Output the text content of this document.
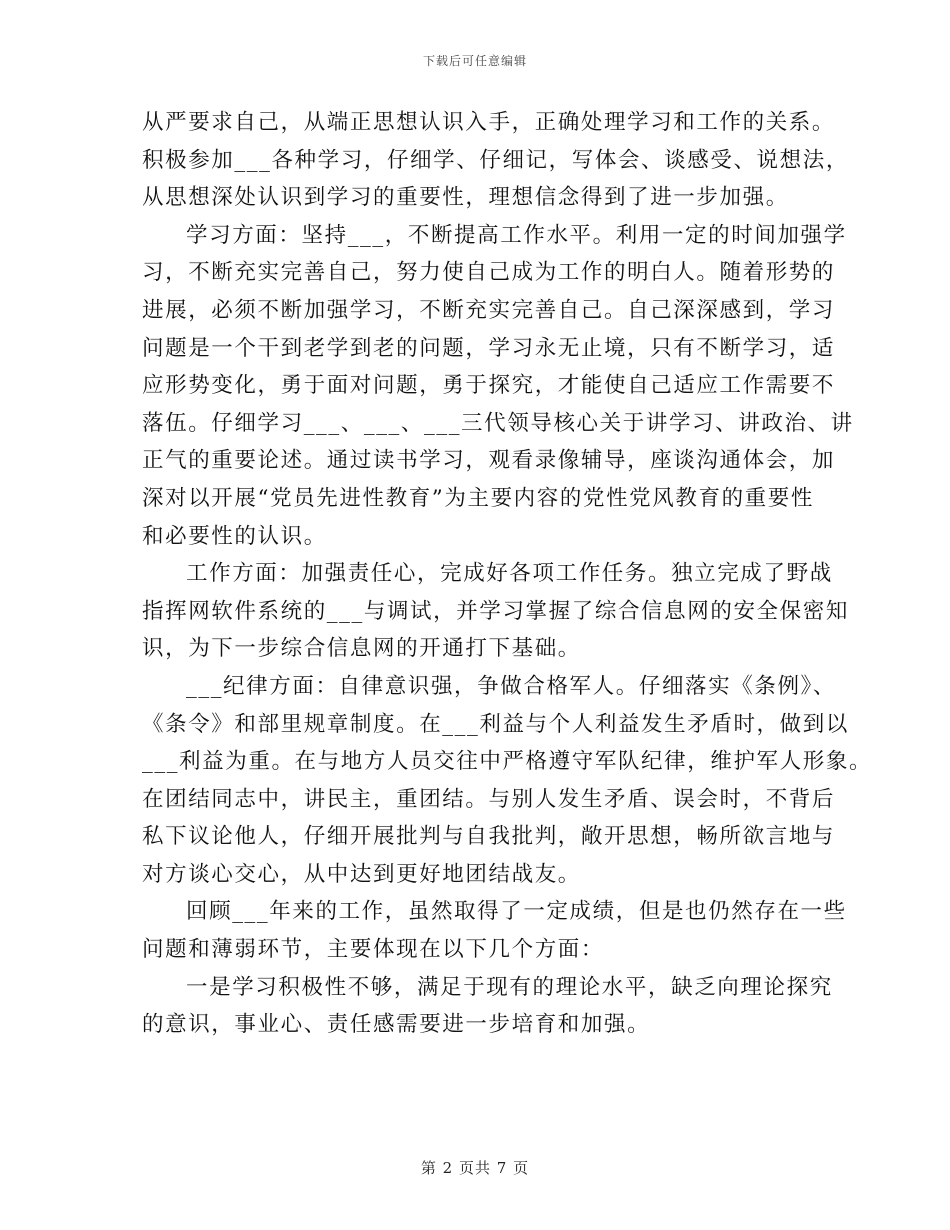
下载后可任意编辑
从严要求自己，从端正思想认识入手，正确处理学习和工作的关系。
积极参加___各种学习，仔细学、仔细记，写体会、谈感受、说想法，
从思想深处认识到学习的重要性，理想信念得到了进一步加强。
学习方面：坚持___，不断提高工作水平。利用一定的时间加强学
习，不断充实完善自己，努力使自己成为工作的明白人。随着形势的
进展，必须不断加强学习，不断充实完善自己。自己深深感到，学习
问题是一个干到老学到老的问题，学习永无止境，只有不断学习，适
应形势变化，勇于面对问题，勇于探究，才能使自己适应工作需要不
落伍。仔细学习___、___、___三代领导核心关于讲学习、讲政治、讲
正气的重要论述。通过读书学习，观看录像辅导，座谈沟通体会，加
深对以开展“党员先进性教育”为主要内容的党性党风教育的重要性
和必要性的认识。
工作方面：加强责任心，完成好各项工作任务。独立完成了野战
指挥网软件系统的___与调试，并学习掌握了综合信息网的安全保密知
识，为下一步综合信息网的开通打下基础。
___纪律方面：自律意识强，争做合格军人。仔细落实《条例》、
《条令》和部里规章制度。在___利益与个人利益发生矛盾时，做到以
___利益为重。在与地方人员交往中严格遵守军队纪律，维护军人形象。
在团结同志中，讲民主，重团结。与别人发生矛盾、误会时，不背后
私下议论他人，仔细开展批判与自我批判，敞开思想，畅所欲言地与
对方谈心交心，从中达到更好地团结战友。
回顾___年来的工作，虽然取得了一定成绩，但是也仍然存在一些
问题和薄弱环节，主要体现在以下几个方面：
一是学习积极性不够，满足于现有的理论水平，缺乏向理论探究
的意识，事业心、责任感需要进一步培育和加强。
第 2 页共 7 页
